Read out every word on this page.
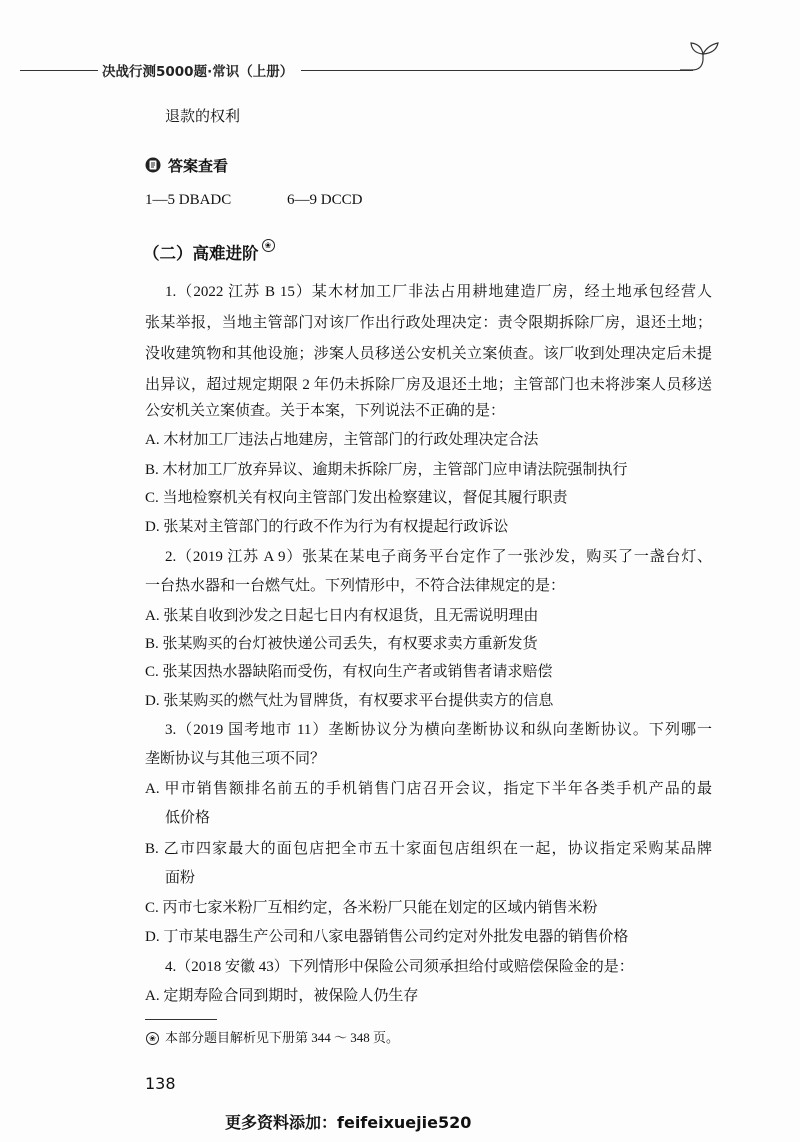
决战行测5000题·常识（上册）
退款的权利
答案查看
1—5 DBADC	6—9 DCCD
（二）高难进阶 ❀
1.（2022 江苏 B 15）某木材加工厂非法占用耕地建造厂房，经土地承包经营人
张某举报，当地主管部门对该厂作出行政处理决定：责令限期拆除厂房，退还土地；
没收建筑物和其他设施；涉案人员移送公安机关立案侦查。该厂收到处理决定后未提
出异议，超过规定期限 2 年仍未拆除厂房及退还土地；主管部门也未将涉案人员移送
公安机关立案侦查。关于本案，下列说法不正确的是：
A. 木材加工厂违法占地建房，主管部门的行政处理决定合法
B. 木材加工厂放弃异议、逾期未拆除厂房，主管部门应申请法院强制执行
C. 当地检察机关有权向主管部门发出检察建议，督促其履行职责
D. 张某对主管部门的行政不作为行为有权提起行政诉讼
2.（2019 江苏 A 9）张某在某电子商务平台定作了一张沙发，购买了一盏台灯、
一台热水器和一台燃气灶。下列情形中，不符合法律规定的是：
A. 张某自收到沙发之日起七日内有权退货，且无需说明理由
B. 张某购买的台灯被快递公司丢失，有权要求卖方重新发货
C. 张某因热水器缺陷而受伤，有权向生产者或销售者请求赔偿
D. 张某购买的燃气灶为冒牌货，有权要求平台提供卖方的信息
3.（2019 国考地市 11）垄断协议分为横向垄断协议和纵向垄断协议。下列哪一
垄断协议与其他三项不同？
A. 甲市销售额排名前五的手机销售门店召开会议，指定下半年各类手机产品的最
低价格
B. 乙市四家最大的面包店把全市五十家面包店组织在一起，协议指定采购某品牌
面粉
C. 丙市七家米粉厂互相约定，各米粉厂只能在划定的区域内销售米粉
D. 丁市某电器生产公司和八家电器销售公司约定对外批发电器的销售价格
4.（2018 安徽 43）下列情形中保险公司须承担给付或赔偿保险金的是：
A. 定期寿险合同到期时，被保险人仍生存
❀ 本部分题目解析见下册第 344 ～ 348 页。
138
更多资料添加：feifeixuejie520
